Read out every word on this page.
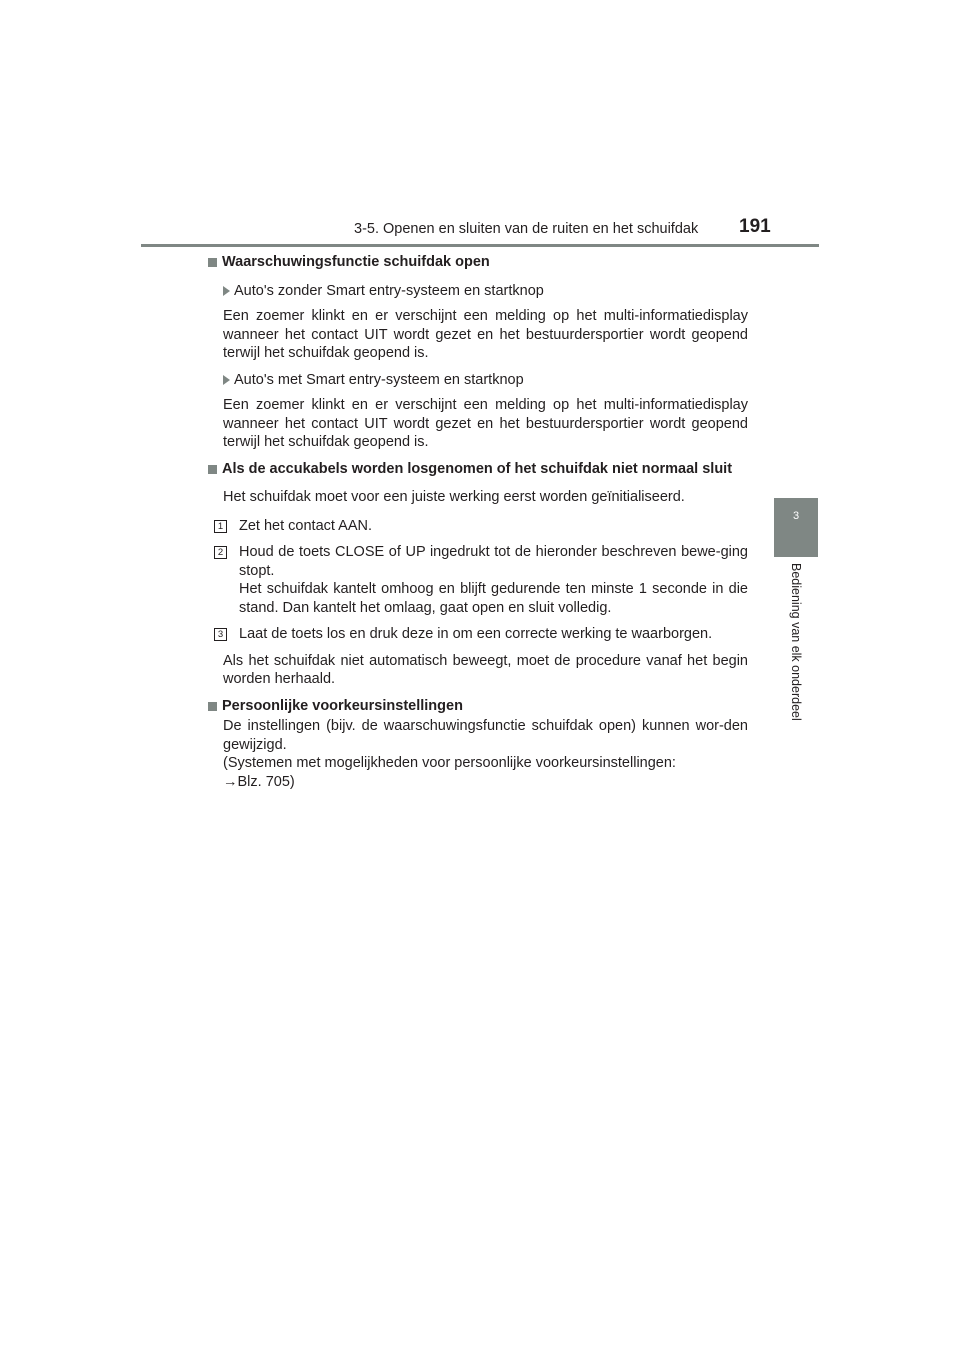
3-5. Openen en sluiten van de ruiten en het schuifdak 191
3
Bediening van elk onderdeel
Waarschuwingsfunctie schuifdak open
Auto's zonder Smart entry-systeem en startknop
Een zoemer klinkt en er verschijnt een melding op het multi-informatiedisplay wanneer het contact UIT wordt gezet en het bestuurdersportier wordt geopend terwijl het schuifdak geopend is.
Auto's met Smart entry-systeem en startknop
Een zoemer klinkt en er verschijnt een melding op het multi-informatiedisplay wanneer het contact UIT wordt gezet en het bestuurdersportier wordt geopend terwijl het schuifdak geopend is.
Als de accukabels worden losgenomen of het schuifdak niet normaal sluit
Het schuifdak moet voor een juiste werking eerst worden geïnitialiseerd.
1 Zet het contact AAN.
2 Houd de toets CLOSE of UP ingedrukt tot de hieronder beschreven bewe-ging stopt.
Het schuifdak kantelt omhoog en blijft gedurende ten minste 1 seconde in die stand. Dan kantelt het omlaag, gaat open en sluit volledig.
3 Laat de toets los en druk deze in om een correcte werking te waarborgen.
Als het schuifdak niet automatisch beweegt, moet de procedure vanaf het begin worden herhaald.
Persoonlijke voorkeursinstellingen
De instellingen (bijv. de waarschuwingsfunctie schuifdak open) kunnen wor-den gewijzigd.
(Systemen met mogelijkheden voor persoonlijke voorkeursinstellingen:
→Blz. 705)
